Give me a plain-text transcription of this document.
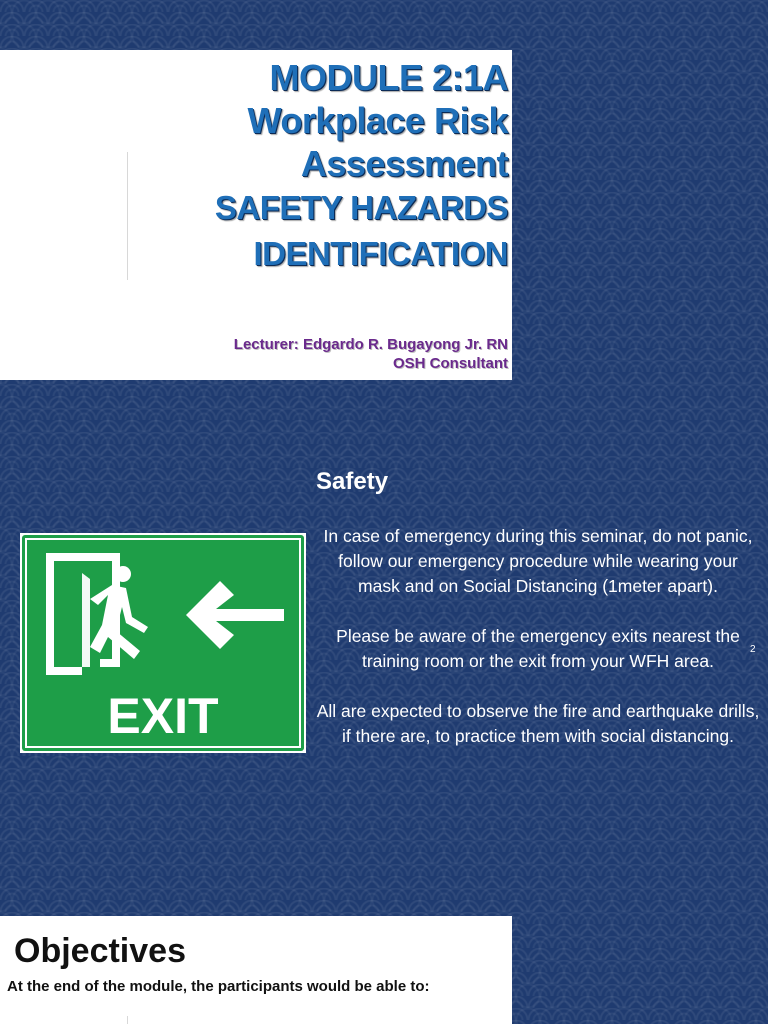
MODULE 2:1A
Workplace Risk
Assessment
SAFETY HAZARDS
IDENTIFICATION
Lecturer: Edgardo R. Bugayong Jr. RN
OSH Consultant
Safety
EXIT

In case of emergency during this seminar, do not panic, follow our emergency procedure while wearing your mask and on Social Distancing (1meter apart).

Please be aware of the emergency exits nearest the training room or the exit from your WFH area.

All are expected to observe the fire and earthquake drills, if there are, to practice them with social distancing.

2
Objectives
At the end of the module, the participants would be able to:
